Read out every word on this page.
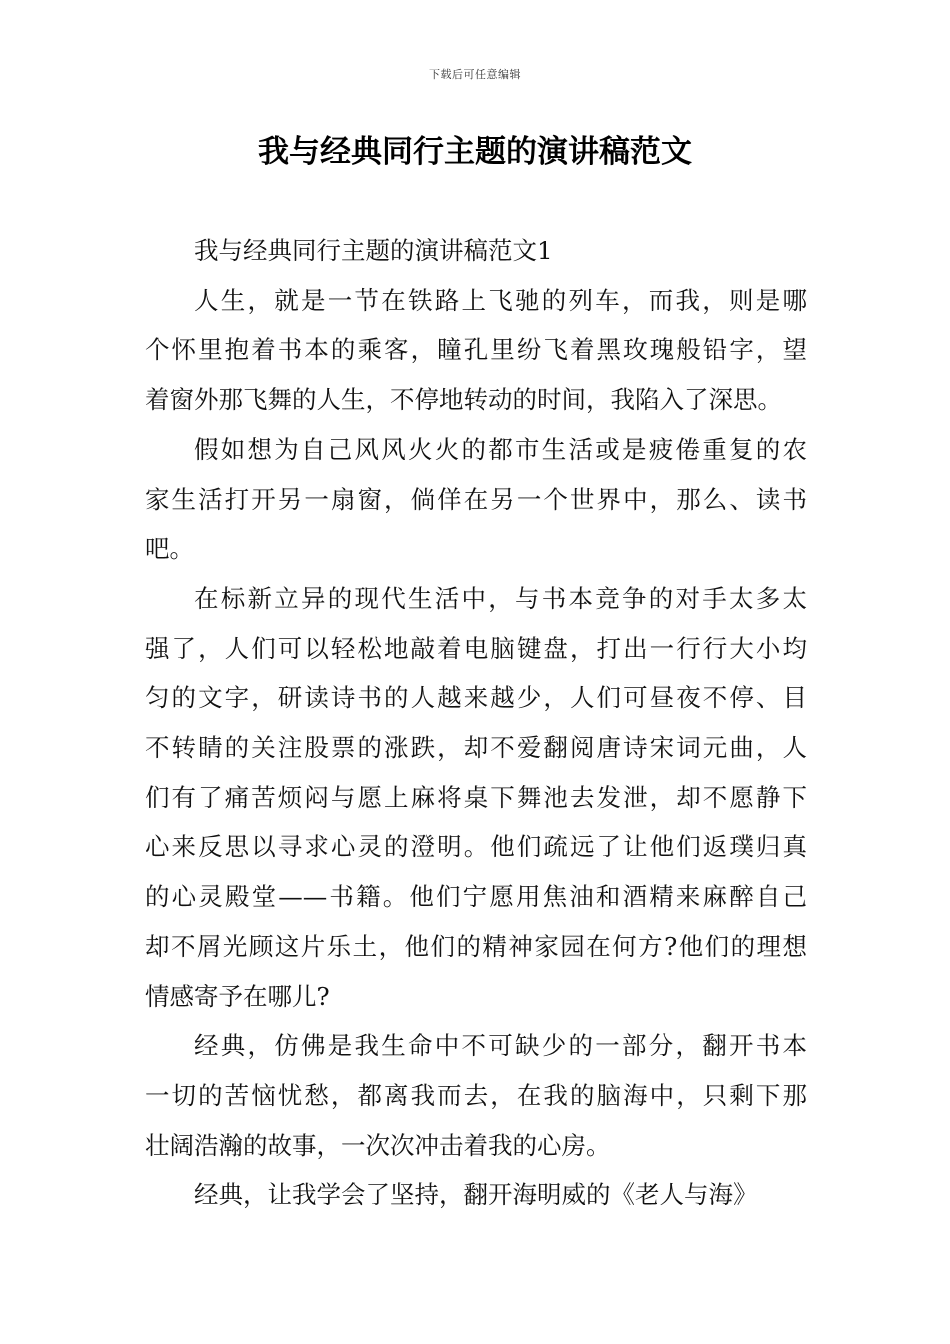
下载后可任意编辑
我与经典同行主题的演讲稿范文

我与经典同行主题的演讲稿范文1

人生，就是一节在铁路上飞驰的列车，而我，则是哪
个怀里抱着书本的乘客，瞳孔里纷飞着黑玫瑰般铅字，望
着窗外那飞舞的人生，不停地转动的时间，我陷入了深思。

假如想为自己风风火火的都市生活或是疲倦重复的农
家生活打开另一扇窗，倘佯在另一个世界中，那么、读书
吧。

在标新立异的现代生活中，与书本竞争的对手太多太
强了，人们可以轻松地敲着电脑键盘，打出一行行大小均
匀的文字，研读诗书的人越来越少，人们可昼夜不停、目
不转睛的关注股票的涨跌，却不爱翻阅唐诗宋词元曲，人
们有了痛苦烦闷与愿上麻将桌下舞池去发泄，却不愿静下
心来反思以寻求心灵的澄明。他们疏远了让他们返璞归真
的心灵殿堂——书籍。他们宁愿用焦油和酒精来麻醉自己
却不屑光顾这片乐土，他们的精神家园在何方?他们的理想
情感寄予在哪儿?

经典，仿佛是我生命中不可缺少的一部分，翻开书本
一切的苦恼忧愁，都离我而去，在我的脑海中，只剩下那
壮阔浩瀚的故事，一次次冲击着我的心房。

经典，让我学会了坚持，翻开海明威的《老人与海》
